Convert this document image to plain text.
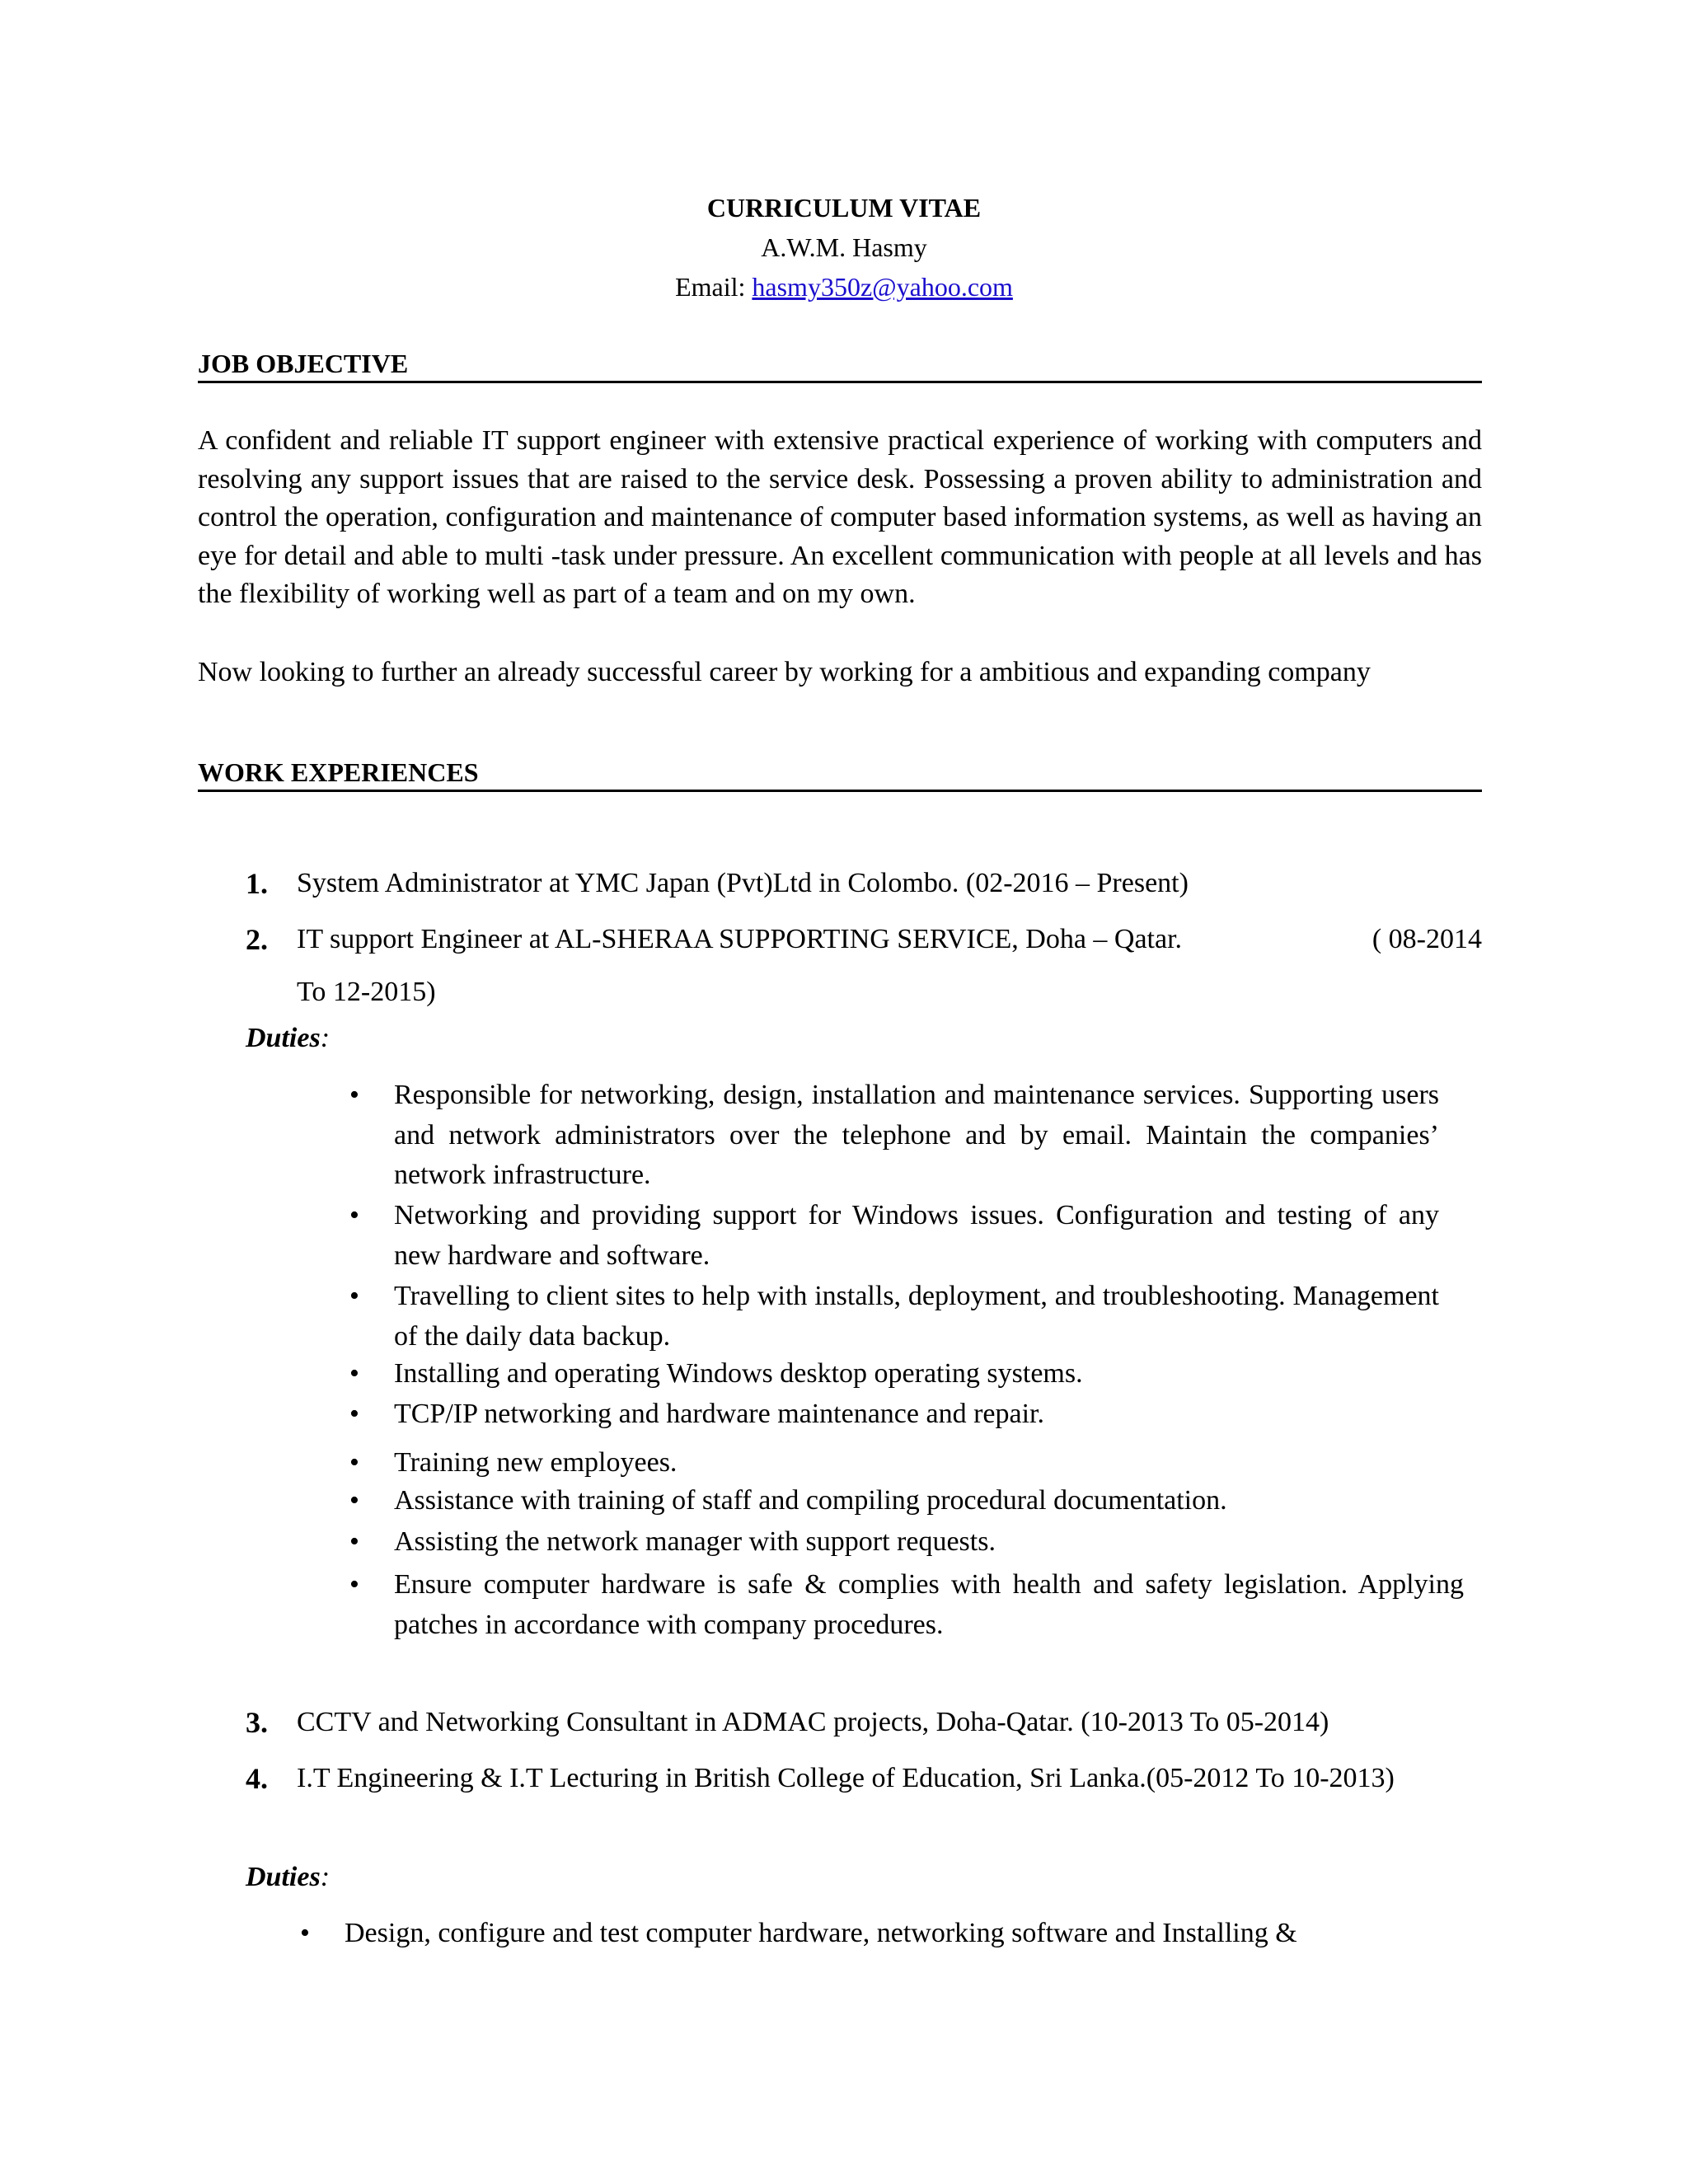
CURRICULUM VITAE
A.W.M. Hasmy
Email: hasmy350z@yahoo.com
JOB OBJECTIVE
A confident and reliable IT support engineer with extensive practical experience of working with computers and resolving any support issues that are raised to the service desk. Possessing a proven ability to administration and control the operation, configuration and maintenance of computer based information systems, as well as having an eye for detail and able to multi -task under pressure. An excellent communication with people at all levels and has the flexibility of working well as part of a team and on my own.
Now looking to further an already successful career by working for a ambitious and expanding company
WORK EXPERIENCES
1. System Administrator at YMC Japan (Pvt)Ltd in Colombo. (02-2016 – Present)
2. IT support Engineer at AL-SHERAA SUPPORTING SERVICE, Doha – Qatar.	( 08-2014

To 12-2015)
Duties:
• Responsible for networking, design, installation and maintenance services. Supporting users and network administrators over the telephone and by email. Maintain the companies’ network infrastructure.
• Networking and providing support for Windows issues. Configuration and testing of any new hardware and software.
• Travelling to client sites to help with installs, deployment, and troubleshooting. Management of the daily data backup.
• Installing and operating Windows desktop operating systems.
• TCP/IP networking and hardware maintenance and repair.
• Training new employees.
• Assistance with training of staff and compiling procedural documentation.
• Assisting the network manager with support requests.
• Ensure computer hardware is safe & complies with health and safety legislation. Applying patches in accordance with company procedures.
3. CCTV and Networking Consultant in ADMAC projects, Doha-Qatar. (10-2013 To 05-2014)
4. I.T Engineering & I.T Lecturing in British College of Education, Sri Lanka.(05-2012 To 10-2013)
Duties:
• Design, configure and test computer hardware, networking software and Installing &
